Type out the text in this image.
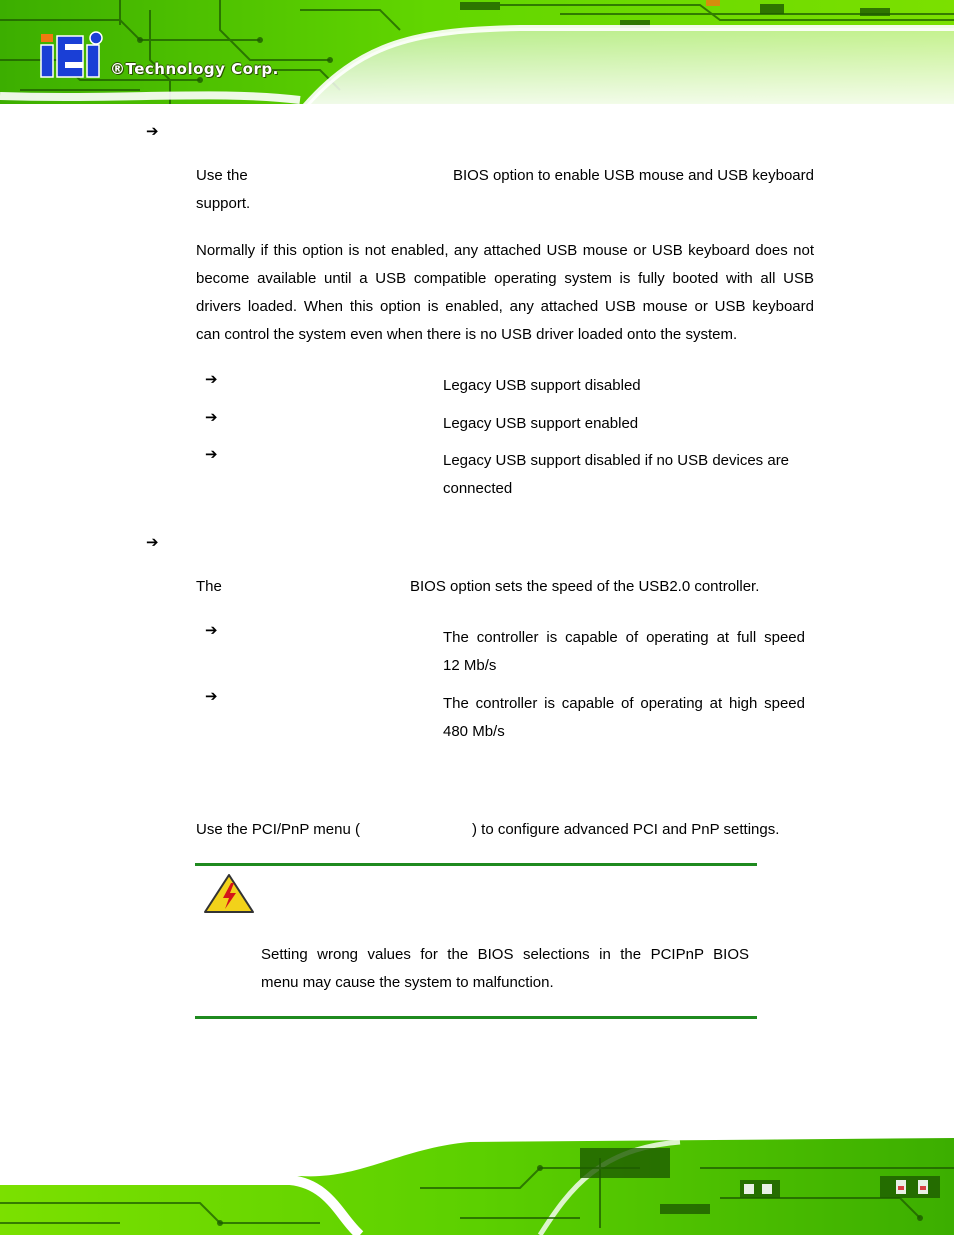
®Technology Corp.
➔
Use the	BIOS option to enable USB mouse and USB keyboard
support.
Normally if this option is not enabled, any attached USB mouse or USB keyboard does not
become available until a USB compatible operating system is fully booted with all USB
drivers loaded. When this option is enabled, any attached USB mouse or USB keyboard
can control the system even when there is no USB driver loaded onto the system.
➔	Legacy USB support disabled
➔	Legacy USB support enabled
➔	Legacy USB support disabled if no USB devices are
connected
➔
The	BIOS option sets the speed of the USB2.0 controller.
➔	The controller is capable of operating at full speed
12 Mb/s
➔	The controller is capable of operating at high speed
480 Mb/s
Use the PCI/PnP menu (	) to configure advanced PCI and PnP settings.
Setting wrong values for the BIOS selections in the PCIPnP BIOS
menu may cause the system to malfunction.
